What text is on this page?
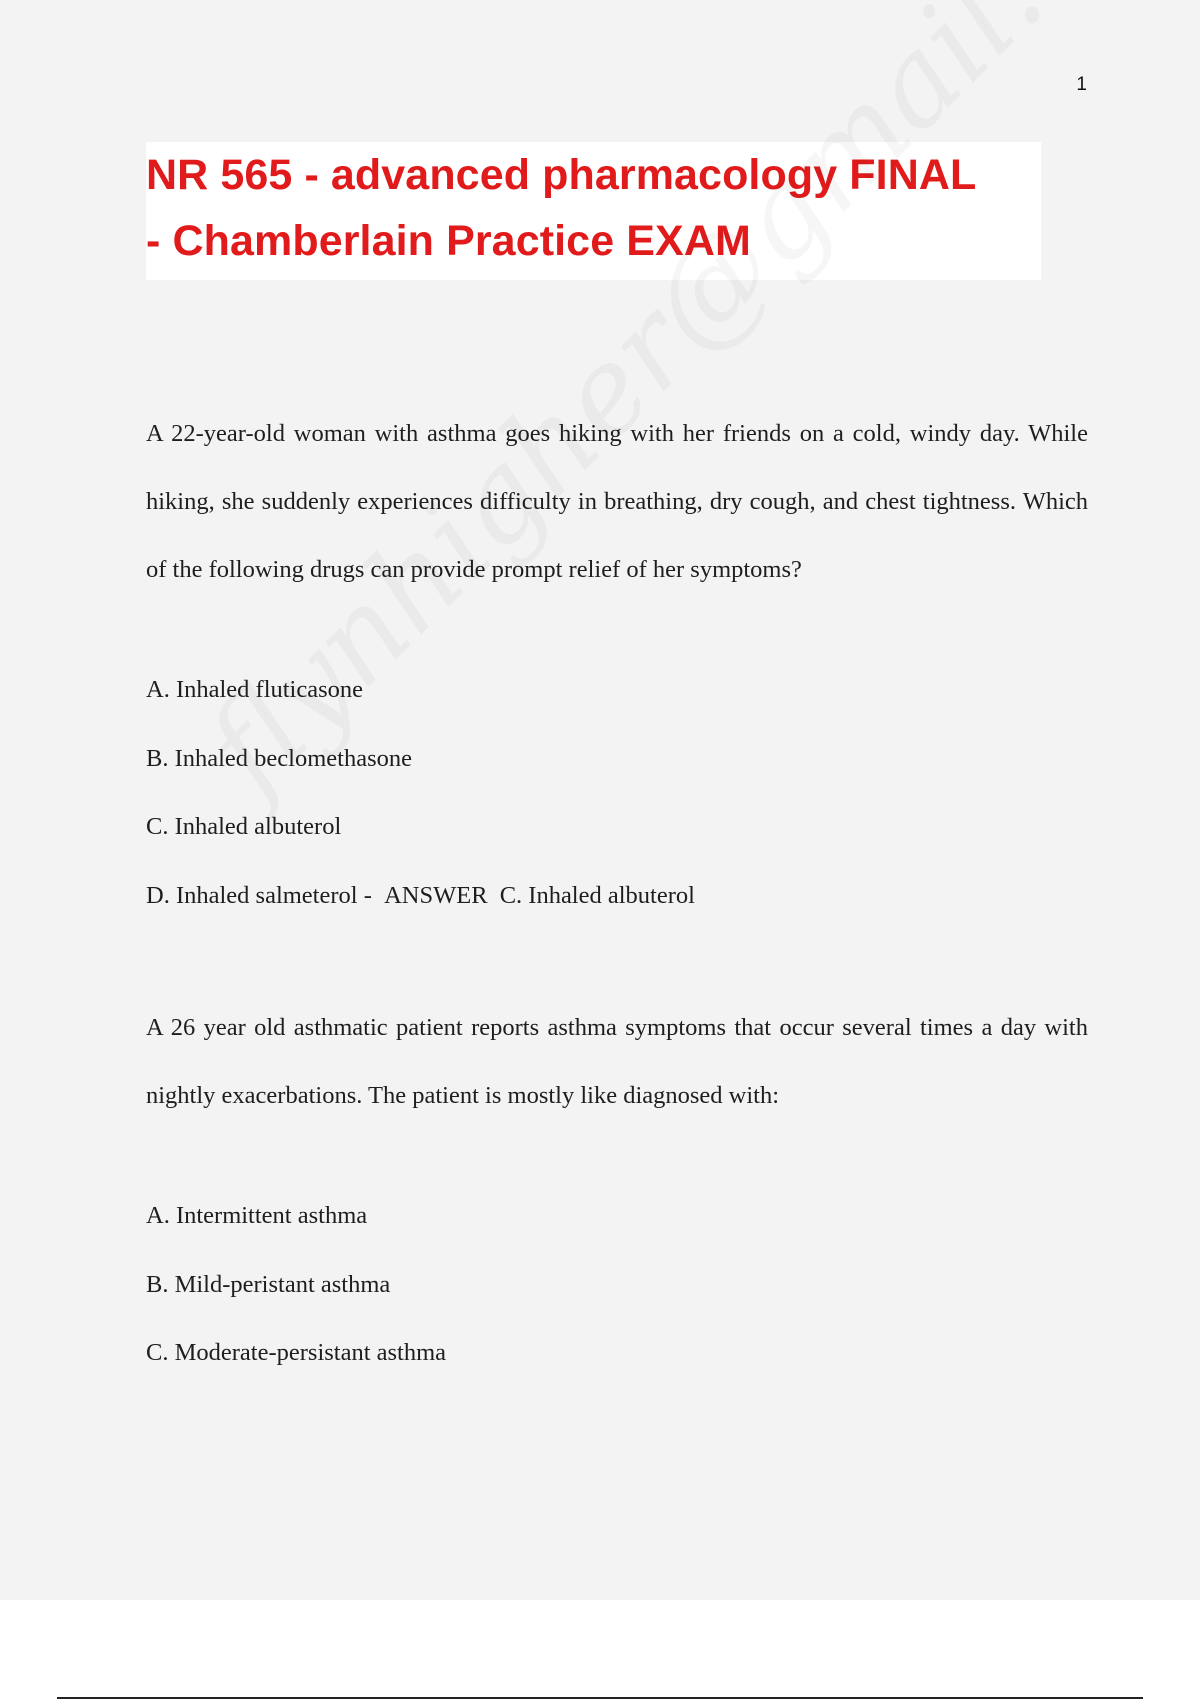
1
NR 565 - advanced pharmacology FINAL
- Chamberlain Practice EXAM

A 22-year-old woman with asthma goes hiking with her friends on a cold, windy day. While hiking, she suddenly experiences difficulty in breathing, dry cough, and chest tightness. Which of the following drugs can provide prompt relief of her symptoms?

A. Inhaled fluticasone
B. Inhaled beclomethasone
C. Inhaled albuterol
D. Inhaled salmeterol - ANSWER C. Inhaled albuterol

A 26 year old asthmatic patient reports asthma symptoms that occur several times a day with nightly exacerbations. The patient is mostly like diagnosed with:

A. Intermittent asthma
B. Mild-peristant asthma
C. Moderate-persistant asthma
